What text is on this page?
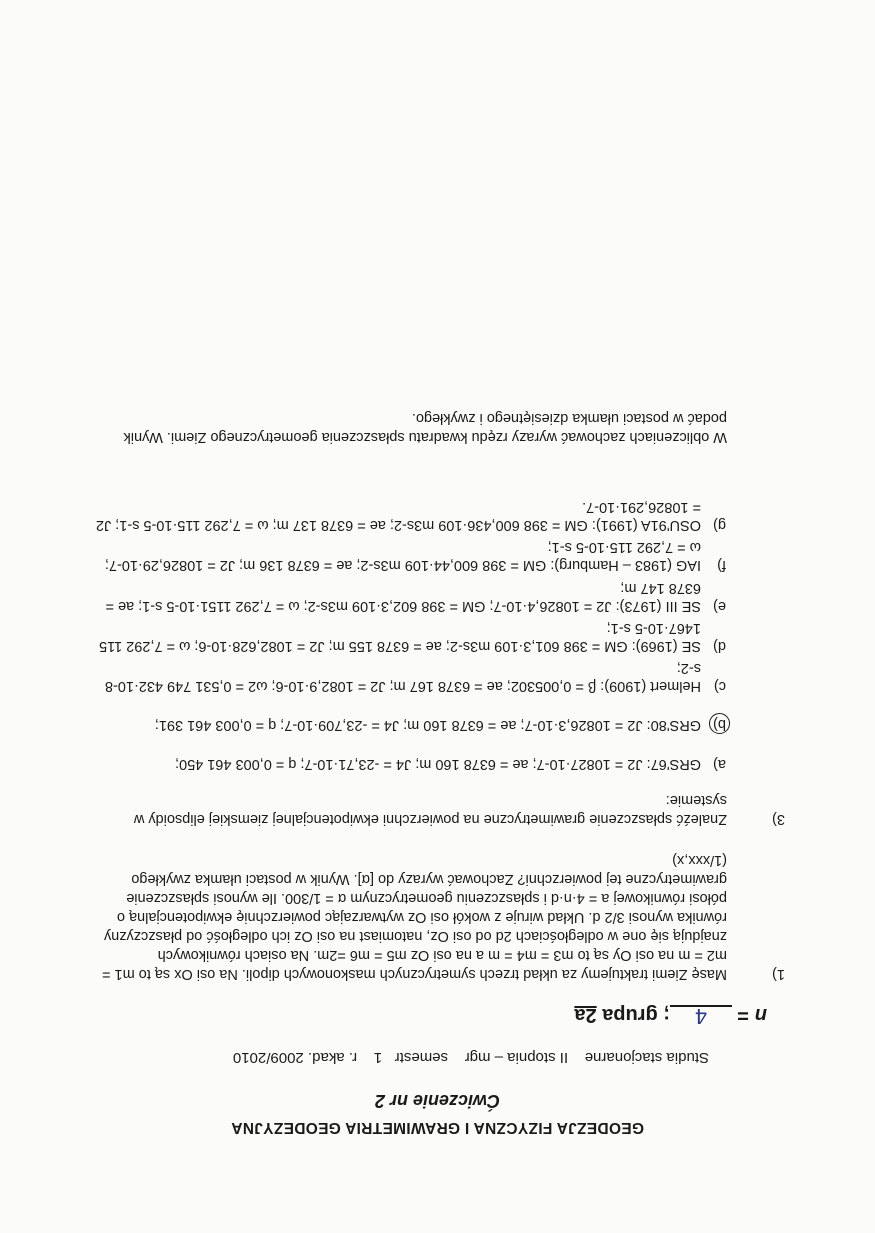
GEODEZJA FIZYCZNA I GRAWIMETRIA GEODEZYJNA
Ćwiczenie nr 2
Studia stacjonarne    II stopnia – mgr    semestr   1    r. akad. 2009/2010
n = 4; grupa 2a
1)
Masę Ziemi traktujemy za układ trzech symetrycznych maskonowych dipoli. Na osi Ox są to m1 = m2 = m na osi Oy są to m3 = m4 = m a na osi Oz m5 = m6 =2m. Na osiach równikowych znajdują się one w odległościach 2d od osi Oz, natomiast na osi Oz ich odległość od płaszczyzny równika wynosi 3/2 d. Układ wiruje z wokół osi Oz wytwarzając powierzchnię ekwipotencjalną o półosi równikowej a = 4·n·d i spłaszczeniu geometrycznym α = 1/300. Ile wynosi spłaszczenie grawimetryczne tej powierzchni? Zachować wyrazy do [α]. Wynik w postaci ułamka zwykłego (1/xxx,x)
3)
Znaleźć spłaszczenie grawimetryczne na powierzchni ekwipotencjalnej ziemskiej elipsoidy w systemie:
a)
GRS'67: J2 = 10827·10-7; ae = 6378 160 m; J4 = -23,71·10-7; q = 0,003 461 450;
b)
GRS'80: J2 = 10826,3·10-7; ae = 6378 160 m; J4 = -23,709·10-7; q = 0,003 461 391;
c)
Helmert (1909): β = 0,005302; ae = 6378 167 m; J2 = 1082,9·10-6; ω2 = 0,531 749 432·10-8 s-2;
d)
SE (1969): GM = 398 601,3·109 m3s-2; ae = 6378 155 m; J2 = 1082,628·10-6; ω = 7,292 115 1467·10-5 s-1;
e)
SE III (1973): J2 = 10826,4·10-7; GM = 398 602,3·109 m3s-2; ω = 7,292 1151·10-5 s-1; ae = 6378 147 m;
f)
IAG (1983 – Hamburg): GM = 398 600,44·109 m3s-2; ae = 6378 136 m; J2 = 10826,29·10-7; ω = 7,292 115·10-5 s-1;
g)
OSU'91A (1991): GM = 398 600,436·109 m3s-2; ae = 6378 137 m; ω = 7,292 115·10-5 s-1; J2 = 10826,291·10-7.
W obliczeniach zachować wyrazy rzędu kwadratu spłaszczenia geometrycznego Ziemi. Wynik podać w postaci ułamka dziesiętnego i zwykłego.
